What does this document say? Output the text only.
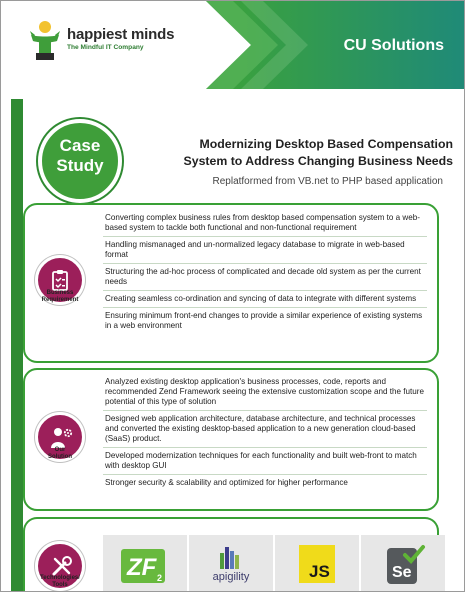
happiest minds
The Mindful IT Company	CU Solutions
Case
Study
Modernizing Desktop Based Compensation
System to Address Changing Business Needs
Replatformed from VB.net to PHP based application
Business
Requirement
Converting complex business rules from desktop based compensation system to a web-based system to tackle both functional and non-functional requirement
Handling mismanaged and un-normalized legacy database to migrate in web-based format
Structuring the ad-hoc process of complicated and decade old system as per the current needs
Creating seamless co-ordination and syncing of data to integrate with different systems
Ensuring minimum front-end changes to provide a similar experience of existing systems in a web environment
Our
Solution
Analyzed existing desktop application's business processes, code, reports and recommended Zend Framework seeing the extensive customization scope and the future potential of this type of solution
Designed web application architecture, database architecture, and technical processes and converted the existing desktop-based application to a new generation cloud-based (SaaS) product.
Developed modernization techniques for each functionality and built web-front to match with desktop GUI
Stronger security & scalability and optimized for higher performance
Technologies/
Tools
ZF 2	apigility	JS	Se
